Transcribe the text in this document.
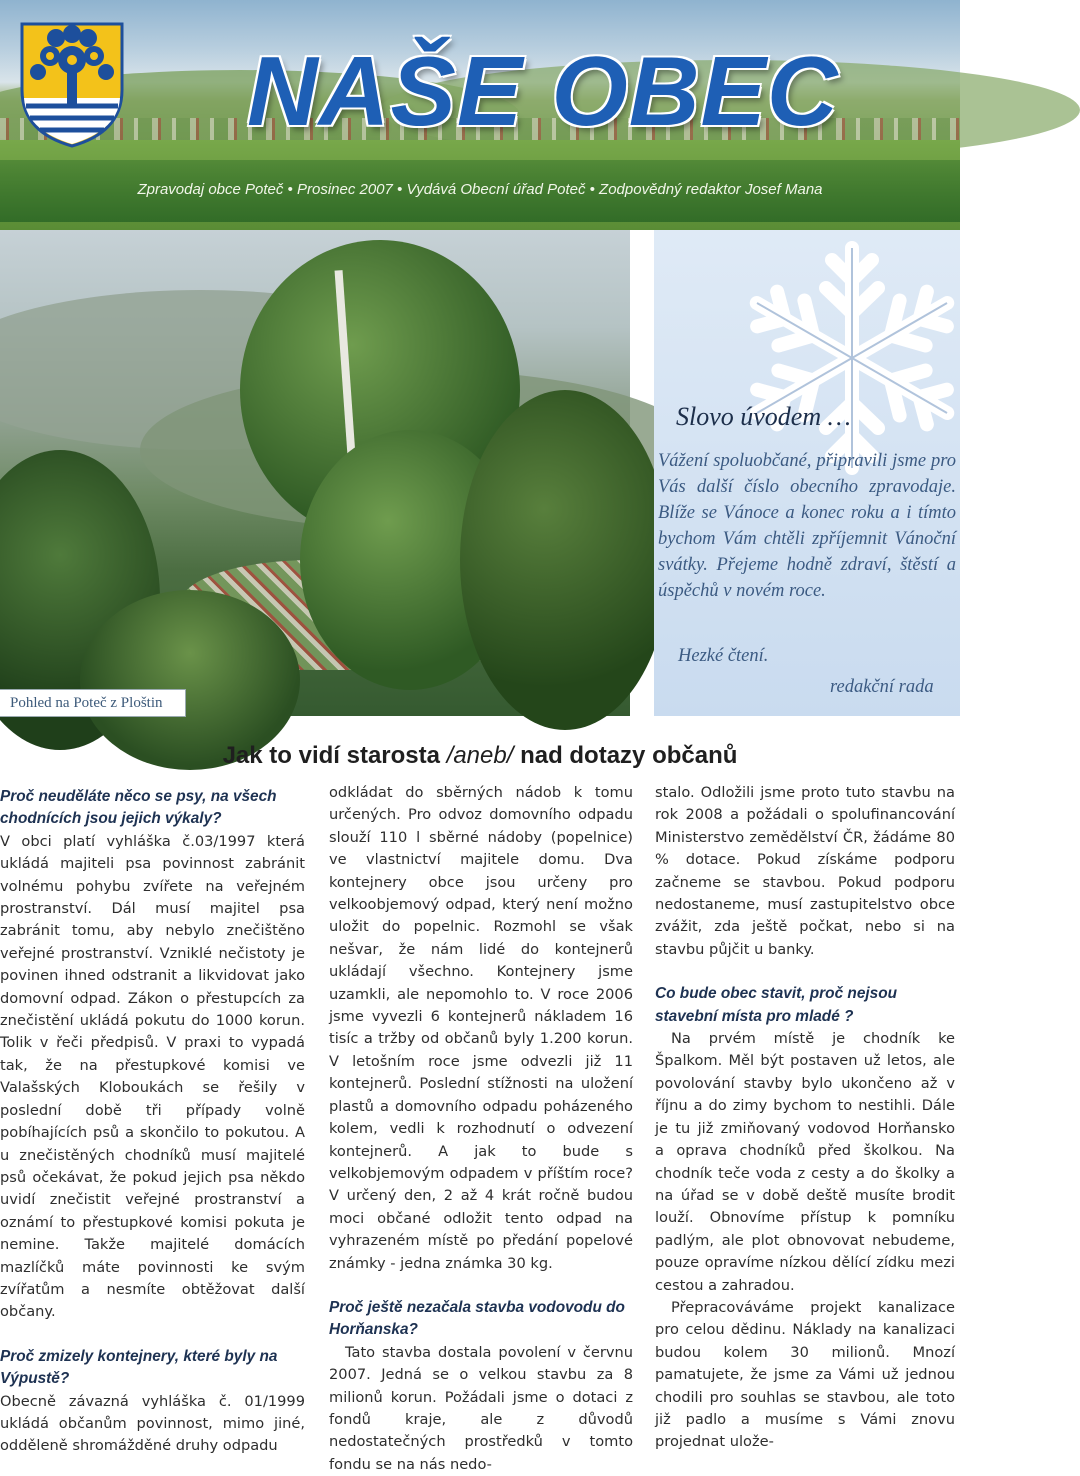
NAŠE OBEC
Zpravodaj obce Poteč • Prosinec 2007 • Vydává Obecní úřad Poteč • Zodpovědný redaktor Josef Mana
Pohled na Poteč z Ploštin
Slovo úvodem …
Vážení spoluobčané, připravili jsme pro Vás další číslo obecního zpravodaje. Blíže se Vánoce a konec roku a i tímto bychom Vám chtěli zpříjemnit Vánoční svátky. Přejeme hodně zdraví, štěstí a úspěchů v novém roce.
Hezké čtení.
redakční rada
Jak to vidí starosta /aneb/ nad dotazy občanů

Proč neuděláte něco se psy, na všech chodnících jsou jejich výkaly?

V obci platí vyhláška č.03/1997 která ukládá majiteli psa povinnost zabránit volnému pohybu zvířete na veřejném prostranství. Dál musí majitel psa zabránit tomu, aby nebylo znečištěno veřejné prostranství. Vzniklé nečistoty je povinen ihned odstranit a likvidovat jako domovní odpad. Zákon o přestupcích za znečistění ukládá pokutu do 1000 korun. Tolik v řeči předpisů. V praxi to vypadá tak, že na přestupkové komisi ve Valašských Kloboukách se řešily v poslední době tři případy volně pobíhajících psů a skončilo to pokutou. A u znečistěných chodníků musí majitelé psů očekávat, že pokud jejich psa někdo uvidí znečistit veřejné prostranství a oznámí to přestupkové komisi pokuta je nemine. Takže majitelé domácích mazlíčků máte povinnosti ke svým zvířatům a nesmíte obtěžovat další občany.

Proč zmizely kontejnery, které byly na Výpustě?

Obecně závazná vyhláška č. 01/1999 ukládá občanům povinnost, mimo jiné, odděleně shromážděné druhy odpadu

odkládat do sběrných nádob k tomu určených. Pro odvoz domovního odpadu slouží 110 l sběrné nádoby (popelnice) ve vlastnictví majitele domu. Dva kontejnery obce jsou určeny pro velkoobjemový odpad, který není možno uložit do popelnic. Rozmohl se však nešvar, že nám lidé do kontejnerů ukládají všechno. Kontejnery jsme uzamkli, ale nepomohlo to. V roce 2006 jsme vyvezli 6 kontejnerů nákladem 16 tisíc a tržby od občanů byly 1.200 korun. V letošním roce jsme odvezli již 11 kontejnerů. Poslední stížnosti na uložení plastů a domovního odpadu poházeného kolem, vedli k rozhodnutí o odvezení kontejnerů. A jak to bude s velkobjemovým odpadem v příštím roce? V určený den, 2 až 4 krát ročně budou moci občané odložit tento odpad na vyhrazeném místě po předání popelové známky - jedna známka 30 kg.

Proč ještě nezačala stavba vodovodu do Horňanska?

Tato stavba dostala povolení v červnu 2007. Jedná se o velkou stavbu za 8 milionů korun. Požádali jsme o dotaci z fondů kraje, ale z důvodů nedostatečných prostředků v tomto fondu se na nás nedo-

stalo. Odložili jsme proto tuto stavbu na rok 2008 a požádali o spolufinancování Ministerstvo zemědělství ČR, žádáme 80 % dotace. Pokud získáme podporu začneme se stavbou. Pokud podporu nedostaneme, musí zastupitelstvo obce zvážit, zda ještě počkat, nebo si na stavbu půjčit u banky.

Co bude obec stavit, proč nejsou stavební místa pro mladé ?

Na prvém místě je chodník ke Špalkom. Měl být postaven už letos, ale povolování stavby bylo ukončeno až v říjnu a do zimy bychom to nestihli. Dále je tu již zmiňovaný vodovod Horňansko a oprava chodníků před školkou. Na chodník teče voda z cesty a do školky a na úřad se v době deště musíte brodit louží. Obnovíme přístup k pomníku padlým, ale plot obnovovat nebudeme, pouze opravíme nízkou dělící zídku mezi cestou a zahradou.

Přepracováváme projekt kanalizace pro celou dědinu. Náklady na kanalizaci budou kolem 30 milionů. Mnozí pamatujete, že jsme za Vámi už jednou chodili pro souhlas se stavbou, ale toto již padlo a musíme s Vámi znovu projednat ulože-
